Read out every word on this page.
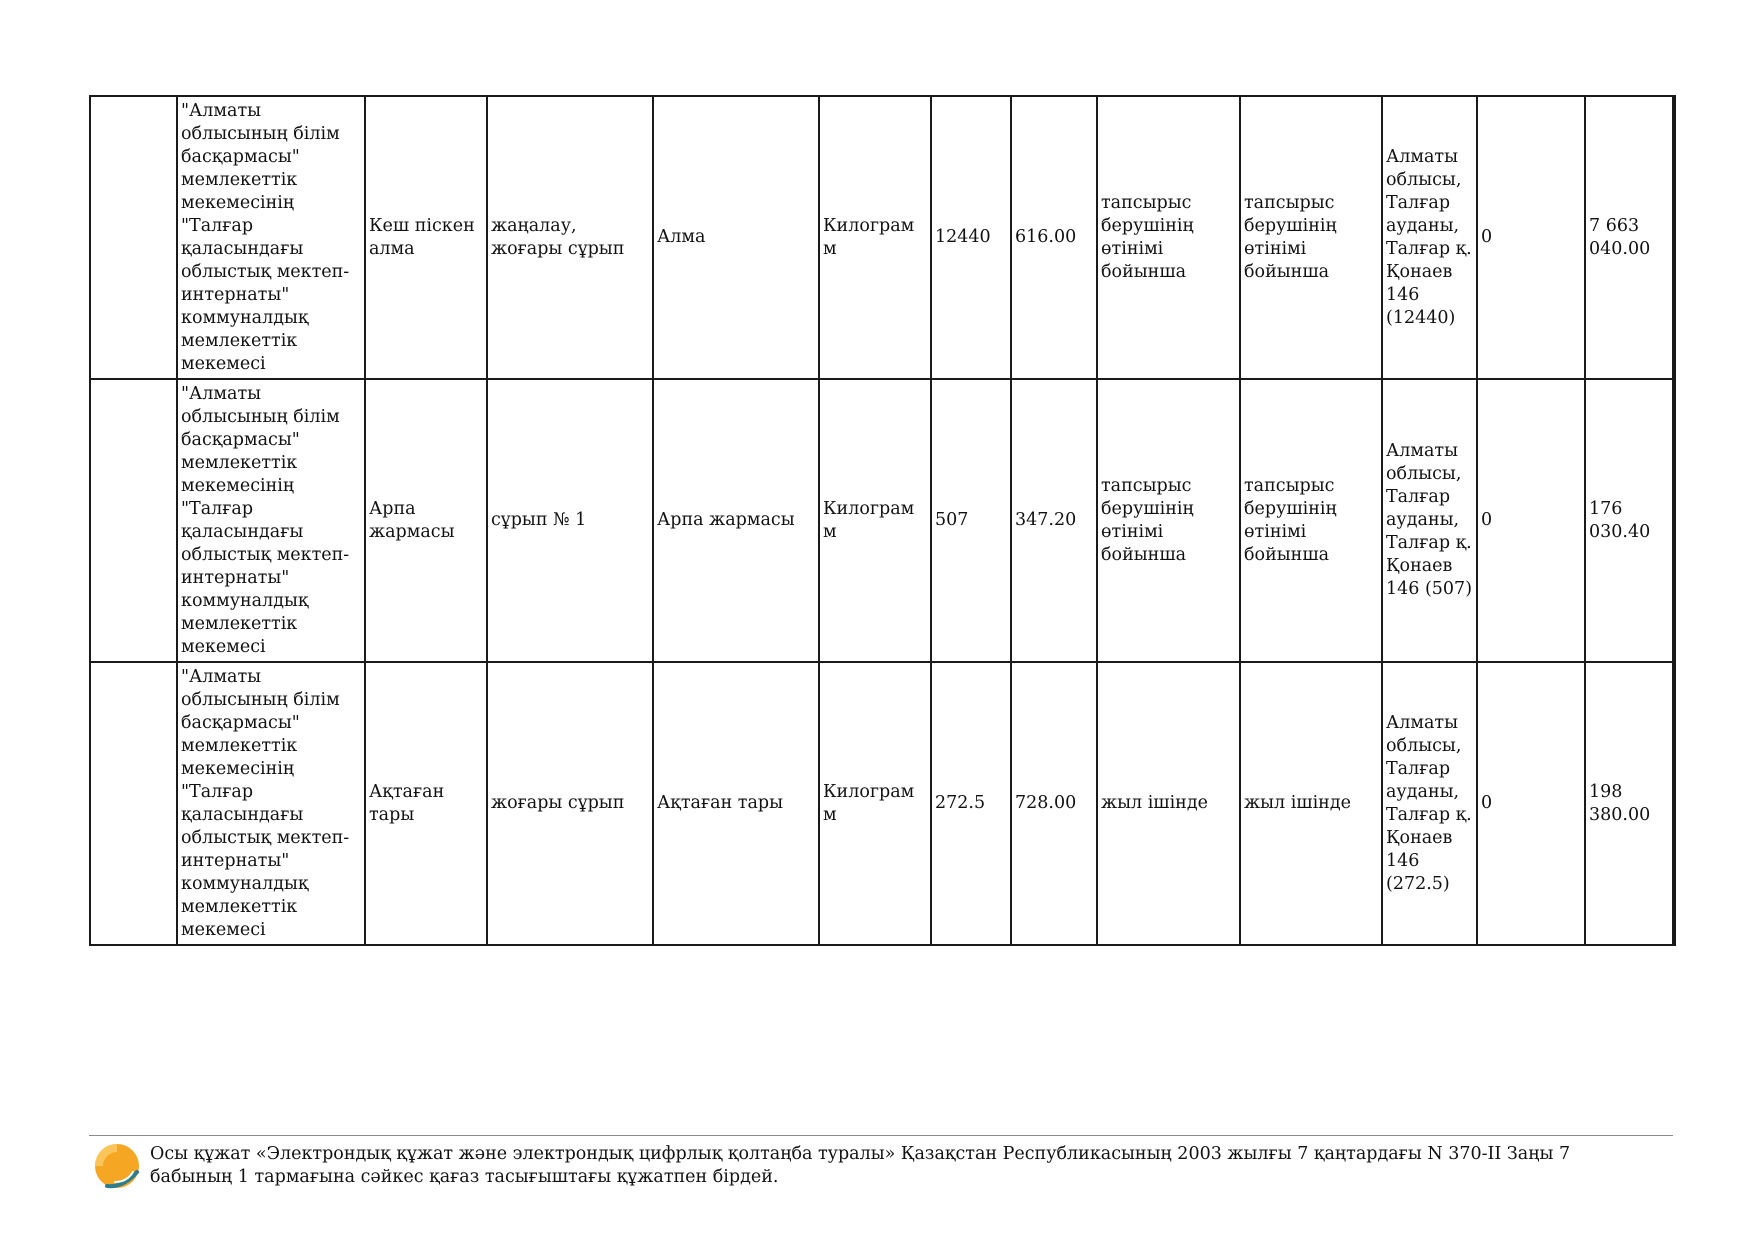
	"Алматы облысының білім басқармасы" мемлекеттік мекемесінің "Талғар қаласындағы облыстық мектеп-интернаты" коммуналдық мемлекеттік мекемесі	Кеш піскен алма	жаңалау, жоғары сұрып	Алма	Килограмм	12440	616.00	тапсырыс берушінің өтінімі бойынша	тапсырыс берушінің өтінімі бойынша	Алматы облысы, Талғар ауданы, Талғар қ. Қонаев 146 (12440)	0	7 663 040.00
	"Алматы облысының білім басқармасы" мемлекеттік мекемесінің "Талғар қаласындағы облыстық мектеп-интернаты" коммуналдық мемлекеттік мекемесі	Арпа жармасы	сұрып № 1	Арпа жармасы	Килограмм	507	347.20	тапсырыс берушінің өтінімі бойынша	тапсырыс берушінің өтінімі бойынша	Алматы облысы, Талғар ауданы, Талғар қ. Қонаев 146 (507)	0	176 030.40
	"Алматы облысының білім басқармасы" мемлекеттік мекемесінің "Талғар қаласындағы облыстық мектеп-интернаты" коммуналдық мемлекеттік мекемесі	Ақтаған тары	жоғары сұрып	Ақтаған тары	Килограмм	272.5	728.00	жыл ішінде	жыл ішінде	Алматы облысы, Талғар ауданы, Талғар қ. Қонаев 146 (272.5)	0	198 380.00
Осы құжат «Электрондық құжат және электрондық цифрлық қолтаңба туралы» Қазақстан Республикасының 2003 жылғы 7 қаңтардағы N 370-II Заңы 7 бабының 1 тармағына сәйкес қағаз тасығыштағы құжатпен бірдей.
